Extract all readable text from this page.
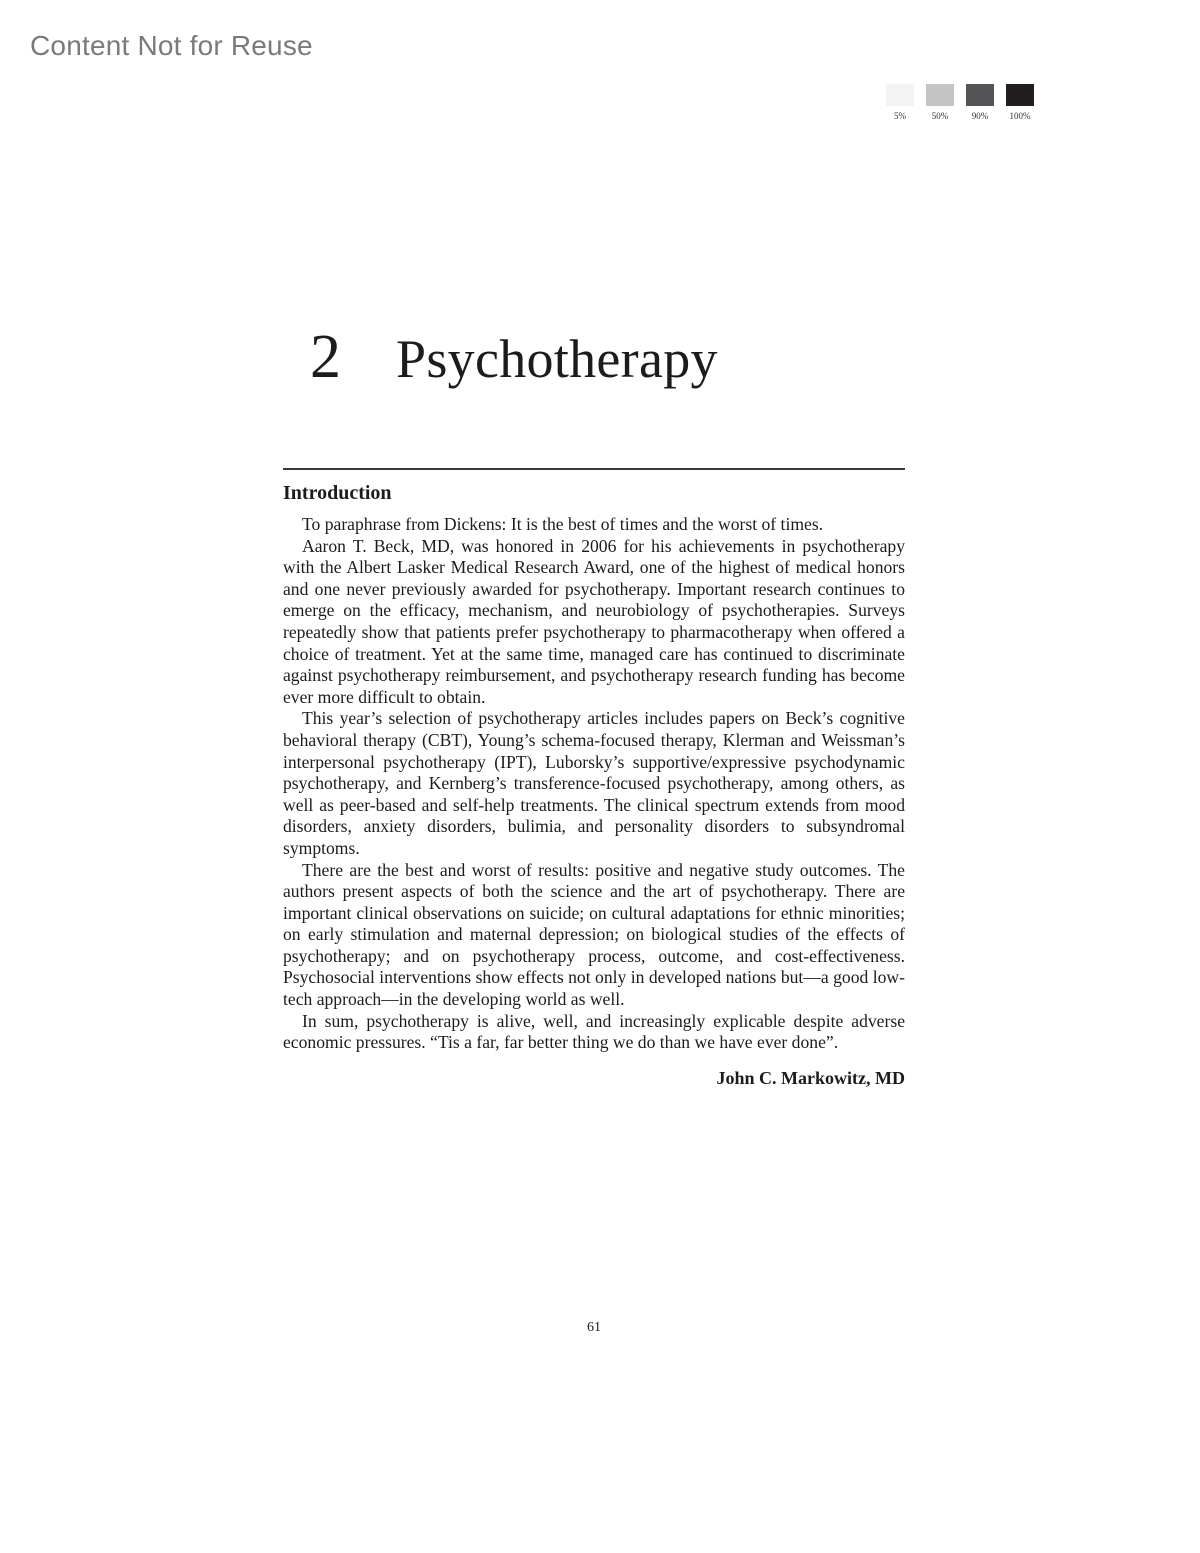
Content Not for Reuse
5%	50%	90% 100%
2	Psychotherapy
Introduction

To paraphrase from Dickens: It is the best of times and the worst of times.

Aaron T. Beck, MD, was honored in 2006 for his achievements in psychotherapy with the Albert Lasker Medical Research Award, one of the highest of medical honors and one never previously awarded for psychotherapy. Important research continues to emerge on the efficacy, mechanism, and neurobiology of psychotherapies. Surveys repeatedly show that patients prefer psychotherapy to pharmacotherapy when offered a choice of treatment. Yet at the same time, managed care has continued to discriminate against psychotherapy reimbursement, and psychotherapy research funding has become ever more difficult to obtain.

This year’s selection of psychotherapy articles includes papers on Beck’s cognitive behavioral therapy (CBT), Young’s schema-focused therapy, Klerman and Weissman’s interpersonal psychotherapy (IPT), Luborsky’s supportive/expressive psychodynamic psychotherapy, and Kernberg’s transference-focused psychotherapy, among others, as well as peer-based and self-help treatments. The clinical spectrum extends from mood disorders, anxiety disorders, bulimia, and personality disorders to subsyndromal symptoms.

There are the best and worst of results: positive and negative study outcomes. The authors present aspects of both the science and the art of psychotherapy. There are important clinical observations on suicide; on cultural adaptations for ethnic minorities; on early stimulation and maternal depression; on biological studies of the effects of psychotherapy; and on psychotherapy process, outcome, and cost-effectiveness. Psychosocial interventions show effects not only in developed nations but—a good low-tech approach—in the developing world as well.

In sum, psychotherapy is alive, well, and increasingly explicable despite adverse economic pressures. “Tis a far, far better thing we do than we have ever done”.

John C. Markowitz, MD
61
